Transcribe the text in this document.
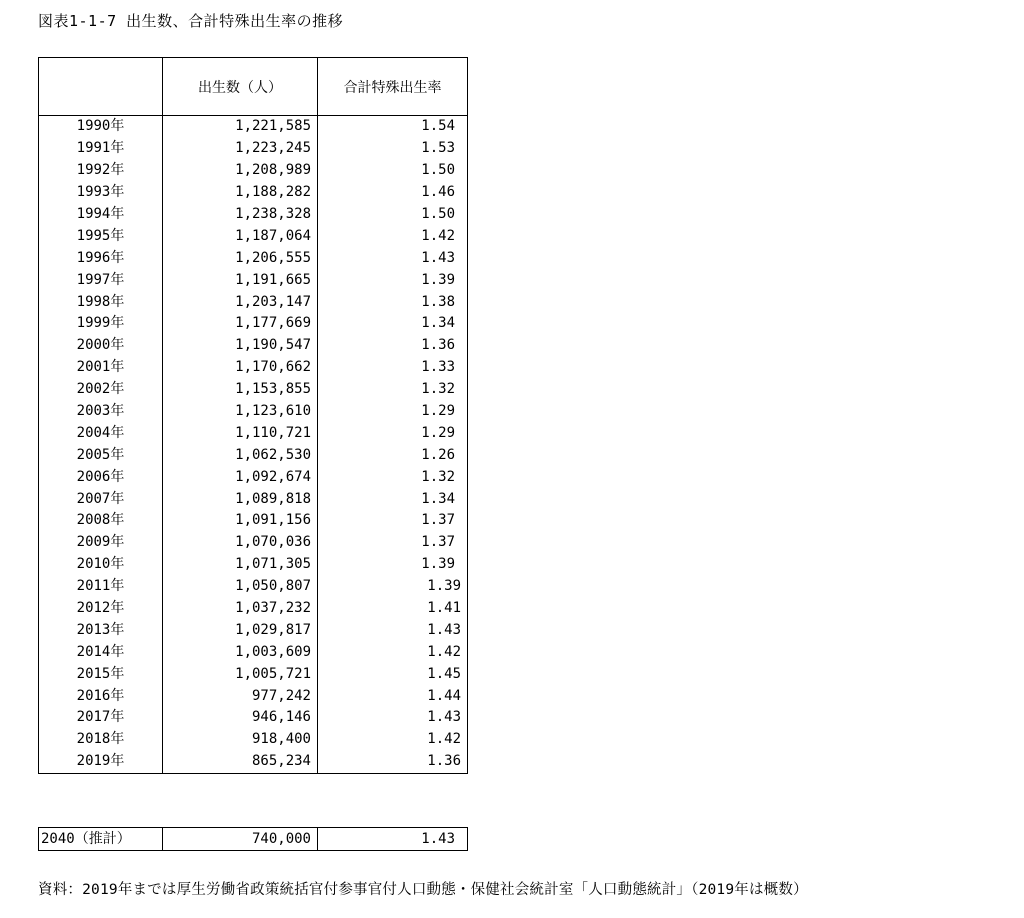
図表1-1-7 出生数、合計特殊出生率の推移
	出生数（人）	合計特殊出生率
1990年	1,221,585	1.54
1991年	1,223,245	1.53
1992年	1,208,989	1.50
1993年	1,188,282	1.46
1994年	1,238,328	1.50
1995年	1,187,064	1.42
1996年	1,206,555	1.43
1997年	1,191,665	1.39
1998年	1,203,147	1.38
1999年	1,177,669	1.34
2000年	1,190,547	1.36
2001年	1,170,662	1.33
2002年	1,153,855	1.32
2003年	1,123,610	1.29
2004年	1,110,721	1.29
2005年	1,062,530	1.26
2006年	1,092,674	1.32
2007年	1,089,818	1.34
2008年	1,091,156	1.37
2009年	1,070,036	1.37
2010年	1,071,305	1.39
2011年	1,050,807	1.39
2012年	1,037,232	1.41
2013年	1,029,817	1.43
2014年	1,003,609	1.42
2015年	1,005,721	1.45
2016年	977,242	1.44
2017年	946,146	1.43
2018年	918,400	1.42
2019年	865,234	1.36
2040（推計）	740,000	1.43
資料：2019年までは厚生労働省政策統括官付参事官付人口動態・保健社会統計室「人口動態統計」（2019年は概数）
